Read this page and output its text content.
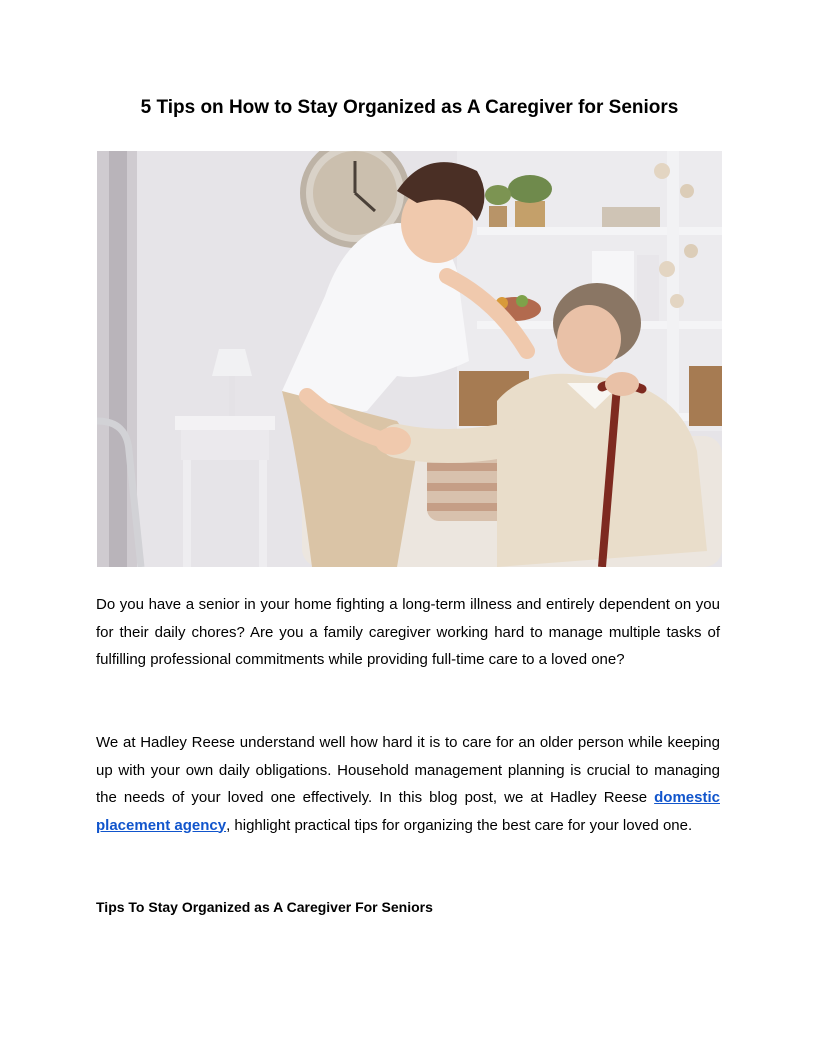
5 Tips on How to Stay Organized as A Caregiver for Seniors

Do you have a senior in your home fighting a long-term illness and entirely dependent on you for their daily chores? Are you a family caregiver working hard to manage multiple tasks of fulfilling professional commitments while providing full-time care to a loved one?

We at Hadley Reese understand well how hard it is to care for an older person while keeping up with your own daily obligations. Household management planning is crucial to managing the needs of your loved one effectively. In this blog post, we at Hadley Reese domestic placement agency, highlight practical tips for organizing the best care for your loved one.

Tips To Stay Organized as A Caregiver For Seniors
